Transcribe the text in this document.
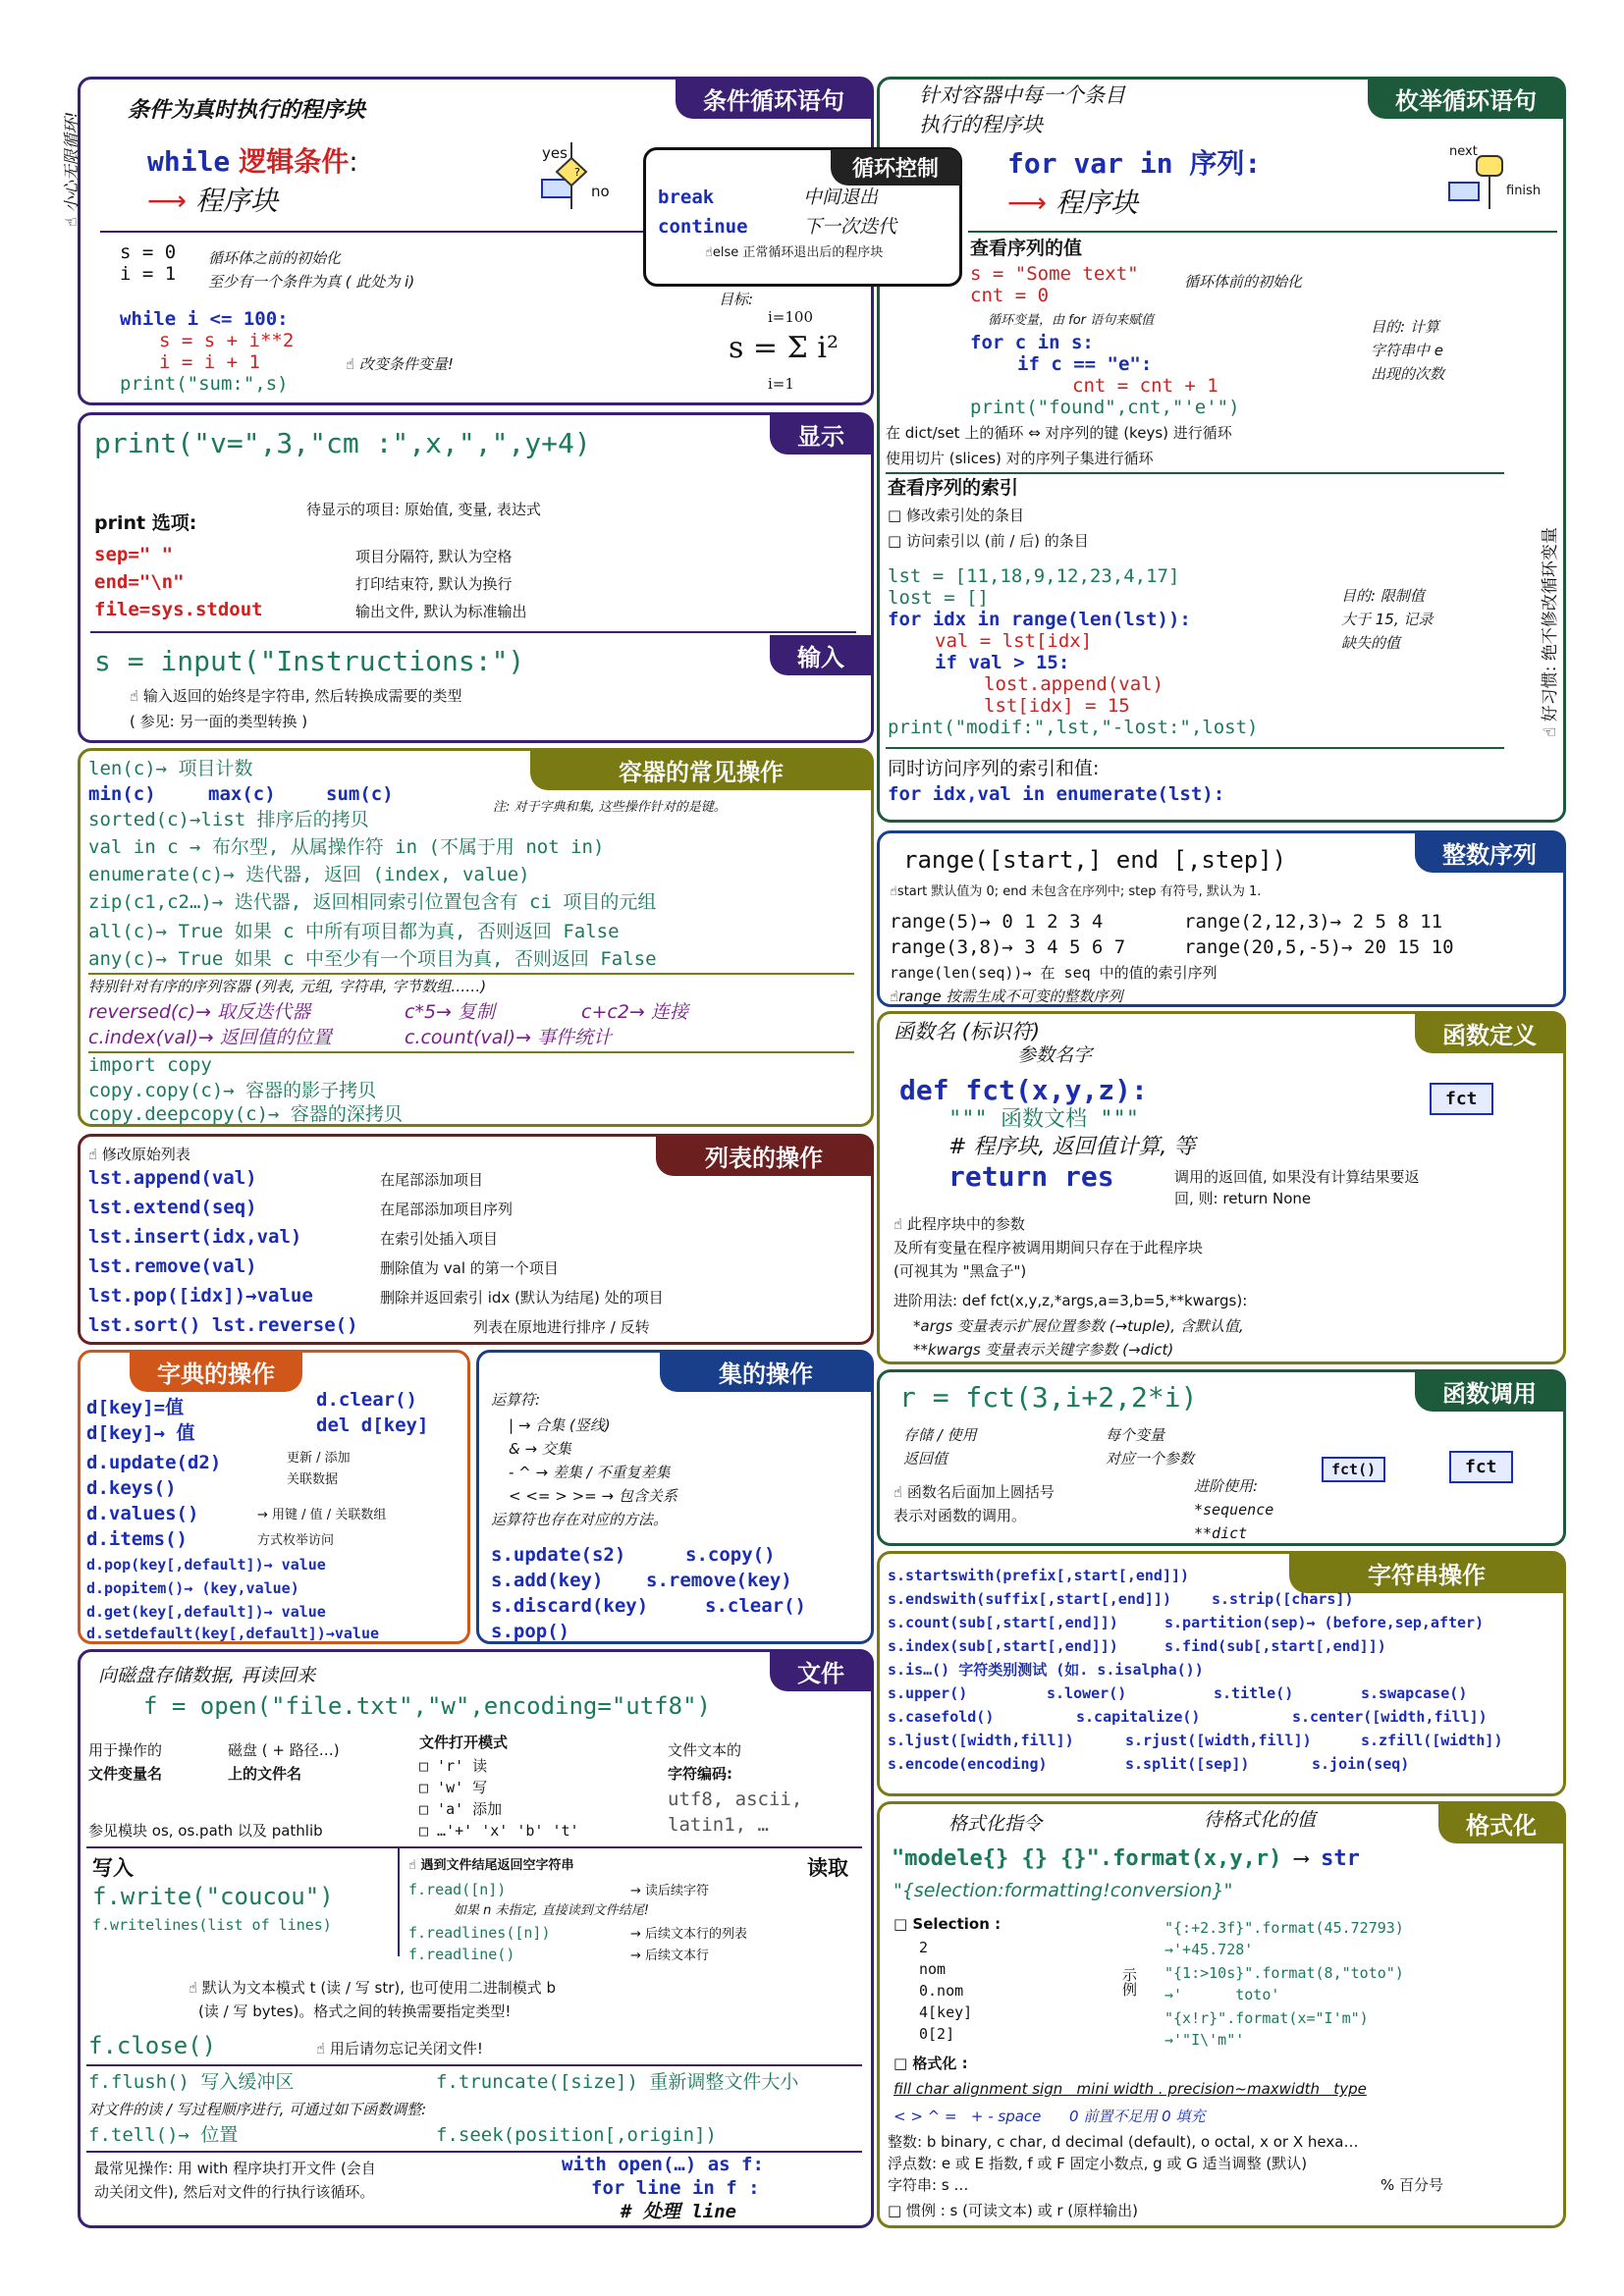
条件循环语句
条件为真时执行的程序块
while 逻辑条件:
⟶ 程序块
?
yes
no
☝ 小心无限循环!
s = 0
i = 1
循环体之前的初始化
至少有一个条件为真 ( 此处为 i)
while i <= 100:
s = s + i**2
i = i + 1	☝ 改变条件变量!
print("sum:",s)
目标:
i=100
s = Σ i²
i=1
循环控制
break	中间退出
continue	下一次迭代
☝else 正常循环退出后的程序块
枚举循环语句
针对容器中每一个条目
执行的程序块
for var in 序列:
⟶ 程序块
next
finish
查看序列的值
s = "Some text"	循环体前的初始化
cnt = 0
循环变量，由 for 语句来赋值
for c in s:
if c == "e":
cnt = cnt + 1
print("found",cnt,"'e'")
目的: 计算
字符串中 e
出现的次数
在 dict/set 上的循环 ⇔ 对序列的键 (keys) 进行循环
使用切片 (slices) 对的序列子集进行循环
查看序列的索引
□ 修改索引处的条目
□ 访问索引以 (前 / 后) 的条目
lst = [11,18,9,12,23,4,17]
lost = []
for idx in range(len(lst)):
val = lst[idx]
if val > 15:
lost.append(val)
lst[idx] = 15
print("modif:",lst,"-lost:",lost)
目的: 限制值
大于 15, 记录
缺失的值	☝ 好习惯: 绝不修改循环变量
同时访问序列的索引和值:
for idx,val in enumerate(lst):
显示
print("v=",3,"cm :",x,",",y+4)
待显示的项目: 原始值, 变量, 表达式
print 选项:
sep=" "	项目分隔符, 默认为空格
end="\n"	打印结束符, 默认为换行
file=sys.stdout	输出文件, 默认为标准输出
输入
s = input("Instructions:")
☝ 输入返回的始终是字符串, 然后转换成需要的类型
( 参见: 另一面的类型转换 )
容器的常见操作
len(c)→ 项目计数
min(c)	max(c)	sum(c)
注: 对于字典和集, 这些操作针对的是键。
sorted(c)→list 排序后的拷贝
val in c → 布尔型, 从属操作符 in (不属于用 not in)
enumerate(c)→ 迭代器, 返回 (index, value)
zip(c1,c2…)→ 迭代器, 返回相同索引位置包含有 ci 项目的元组
all(c)→ True 如果 c 中所有项目都为真, 否则返回 False
any(c)→ True 如果 c 中至少有一个项目为真, 否则返回 False
特别针对有序的序列容器 (列表, 元组, 字符串, 字节数组……)
reversed(c)→ 取反迭代器	c*5→ 复制	c+c2→ 连接
c.index(val)→ 返回值的位置	c.count(val)→ 事件统计
import copy
copy.copy(c)→ 容器的影子拷贝
copy.deepcopy(c)→ 容器的深拷贝
整数序列
range([start,] end [,step])
☝start 默认值为 0; end 未包含在序列中; step 有符号, 默认为 1.
range(5)→ 0 1 2 3 4	range(2,12,3)→ 2 5 8 11
range(3,8)→ 3 4 5 6 7	range(20,5,-5)→ 20 15 10
range(len(seq))→ 在 seq 中的值的索引序列
☝range 按需生成不可变的整数序列
函数定义
函数名 (标识符)
参数名字
def fct(x,y,z):	fct
""" 函数文档 """
# 程序块, 返回值计算, 等
return res	调用的返回值, 如果没有计算结果要返
回, 则: return None
☝ 此程序块中的参数
及所有变量在程序被调用期间只存在于此程序块
(可视其为 "黑盒子")
进阶用法: def fct(x,y,z,*args,a=3,b=5,**kwargs):
*args 变量表示扩展位置参数 (→tuple), 含默认值,
**kwargs 变量表示关键字参数 (→dict)
列表的操作
☝ 修改原始列表
lst.append(val)	在尾部添加项目
lst.extend(seq)	在尾部添加项目序列
lst.insert(idx,val)	在索引处插入项目
lst.remove(val)	删除值为 val 的第一个项目
lst.pop([idx])→value	删除并返回索引 idx (默认为结尾) 处的项目
lst.sort() lst.reverse()	列表在原地进行排序 / 反转
字典的操作
d[key]=值	d.clear()
d[key]→ 值	del d[key]
d.update(d2)	更新 / 添加
关联数据
d.keys()
d.values()	→ 用键 / 值 / 关联数组
d.items()	方式枚举访问
d.pop(key[,default])→ value
d.popitem()→ (key,value)
d.get(key[,default])→ value
d.setdefault(key[,default])→value
集的操作
运算符:
| → 合集 (竖线)
& → 交集
- ^ → 差集 / 不重复差集
< <= > >= → 包含关系
运算符也存在对应的方法。
s.update(s2)	s.copy()
s.add(key) s.remove(key)
s.discard(key)	s.clear()
s.pop()
函数调用
r = fct(3,i+2,2*i)
存储 / 使用
返回值
每个变量
对应一个参数
进阶使用:
*sequence
**dict
fct()	fct
☝ 函数名后面加上圆括号
表示对函数的调用。
字符串操作
s.startswith(prefix[,start[,end]])
s.endswith(suffix[,start[,end]])	s.strip([chars])
s.count(sub[,start[,end]])	s.partition(sep)→ (before,sep,after)
s.index(sub[,start[,end]])	s.find(sub[,start[,end]])
s.is…() 字符类别测试 (如. s.isalpha())
s.upper()	s.lower()	s.title()	s.swapcase()
s.casefold()	s.capitalize()	s.center([width,fill])
s.ljust([width,fill])	s.rjust([width,fill])	s.zfill([width])
s.encode(encoding)	s.split([sep])	s.join(seq)
文件
向磁盘存储数据, 再读回来
f = open("file.txt","w",encoding="utf8")
用于操作的
文件变量名
磁盘 ( + 路径…)
上的文件名
文件打开模式
□ 'r' 读
□ 'w' 写
□ 'a' 添加
□ …'+' 'x' 'b' 't'
文件文本的
字符编码:
utf8, ascii,
latin1, …
参见模块 os, os.path 以及 pathlib
写入
f.write("coucou")
f.writelines(list of lines)
☝ 遇到文件结尾返回空字符串	读取
f.read([n])	→ 读后续字符
如果 n 未指定, 直接读到文件结尾!
f.readlines([n])	→ 后续文本行的列表
f.readline()	→ 后续文本行
☝ 默认为文本模式 t (读 / 写 str), 也可使用二进制模式 b
(读 / 写 bytes)。格式之间的转换需要指定类型!
f.close()	☝ 用后请勿忘记关闭文件!
f.flush() 写入缓冲区	f.truncate([size]) 重新调整文件大小
对文件的读 / 写过程顺序进行, 可通过如下函数调整:
f.tell()→ 位置	f.seek(position[,origin])
最常见操作: 用 with 程序块打开文件 (会自
动关闭文件), 然后对文件的行执行该循环。
with open(…) as f:
for line in f :
# 处理 line
格式化
格式化指令	待格式化的值
"modele{} {} {}".format(x,y,r) ⟶ str
"{selection:formatting!conversion}"
□ Selection :
2
nom
0.nom
4[key]
0[2]
示例
"{:+2.3f}".format(45.72793)
→'+45.728'
"{1:>10s}".format(8,"toto")
→'      toto'
"{x!r}".format(x="I'm")
→'"I\'m"'
□ 格式化 :
fill char alignment sign   mini width . precision~maxwidth   type
< > ^ =   + - space      0 前置不足用 0 填充
整数: b binary, c char, d decimal (default), o octal, x or X hexa…
浮点数: e 或 E 指数, f 或 F 固定小数点, g 或 G 适当调整 (默认)
字符串: s …	% 百分号
□ 惯例 : s (可读文本) 或 r (原样输出)
